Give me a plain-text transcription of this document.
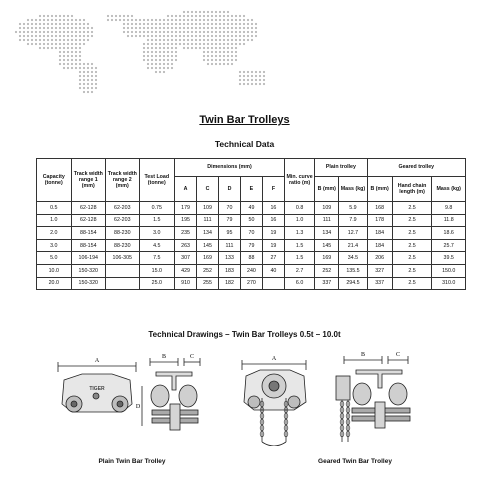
Twin Bar Trolleys
Technical Data
Capacity (tonne)	Track width range 1 (mm)	Track width range 2 (mm)	Test Load (tonne)	Dimensions (mm)					Min. curve ratio (m)	Plain trolley		Geared trolley		
				A	C	D	E	F		B (mm)	Mass (kg)	B (mm)	Hand chain length (m)	Mass (kg)
0.5	62-128	62-203	0.75	179	109	70	49	16	0.8	109	5.9	168	2.5	9.8
1.0	62-128	62-203	1.5	195	111	79	50	16	1.0	111	7.9	178	2.5	11.8
2.0	88-154	88-230	3.0	235	134	95	70	19	1.3	134	12.7	184	2.5	18.6
3.0	88-154	88-230	4.5	263	145	111	79	19	1.5	145	21.4	184	2.5	25.7
5.0	106-194	106-305	7.5	307	169	133	88	27	1.5	169	34.5	206	2.5	39.5
10.0	150-320		15.0	429	252	183	240	40	2.7	252	135.5	327	2.5	150.0
20.0	150-320		25.0	910	255	182	270		6.0	337	294.5	337	2.5	310.0
Technical Drawings – Twin Bar Trolleys 0.5t – 10.0t
A
B	C
D
TIGER
A
B	C
Plain Twin Bar Trolley	Geared Twin Bar Trolley
